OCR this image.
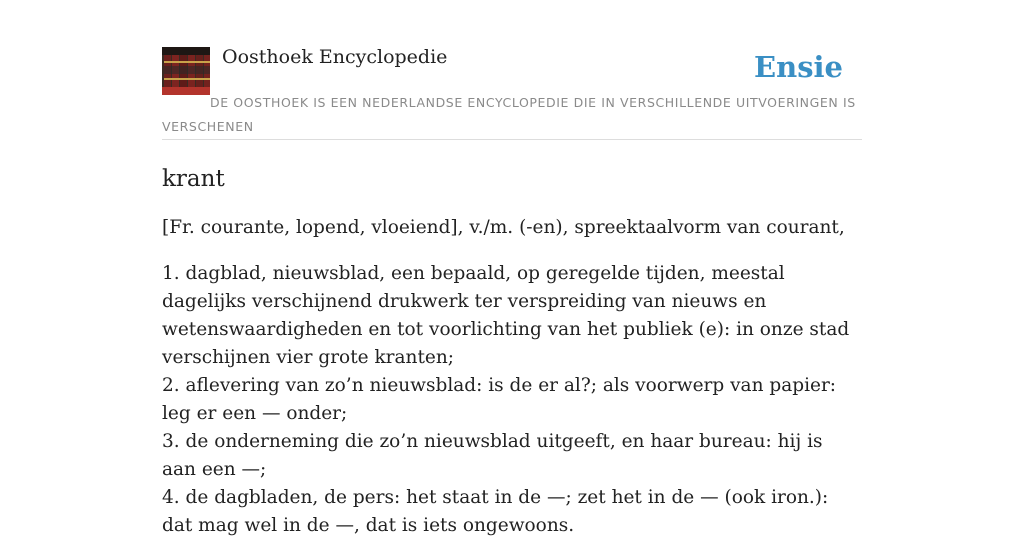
Oosthoek Encyclopedie	Ensie
DE OOSTHOEK IS EEN NEDERLANDSE ENCYCLOPEDIE DIE IN VERSCHILLENDE UITVOERINGEN IS VERSCHENEN
krant

[Fr. courante, lopend, vloeiend], v./m. (-en), spreektaalvorm van courant,

1. dagblad, nieuwsblad, een bepaald, op geregelde tijden, meestal dagelijks verschijnend drukwerk ter verspreiding van nieuws en wetenswaardigheden en tot voorlichting van het publiek (e): in onze stad verschijnen vier grote kranten;
2. aflevering van zo’n nieuwsblad: is de er al?; als voorwerp van papier: leg er een — onder;
3. de onderneming die zo’n nieuwsblad uitgeeft, en haar bureau: hij is aan een —;
4. de dagbladen, de pers: het staat in de —; zet het in de — (ook iron.): dat mag wel in de —, dat is iets ongewoons.
